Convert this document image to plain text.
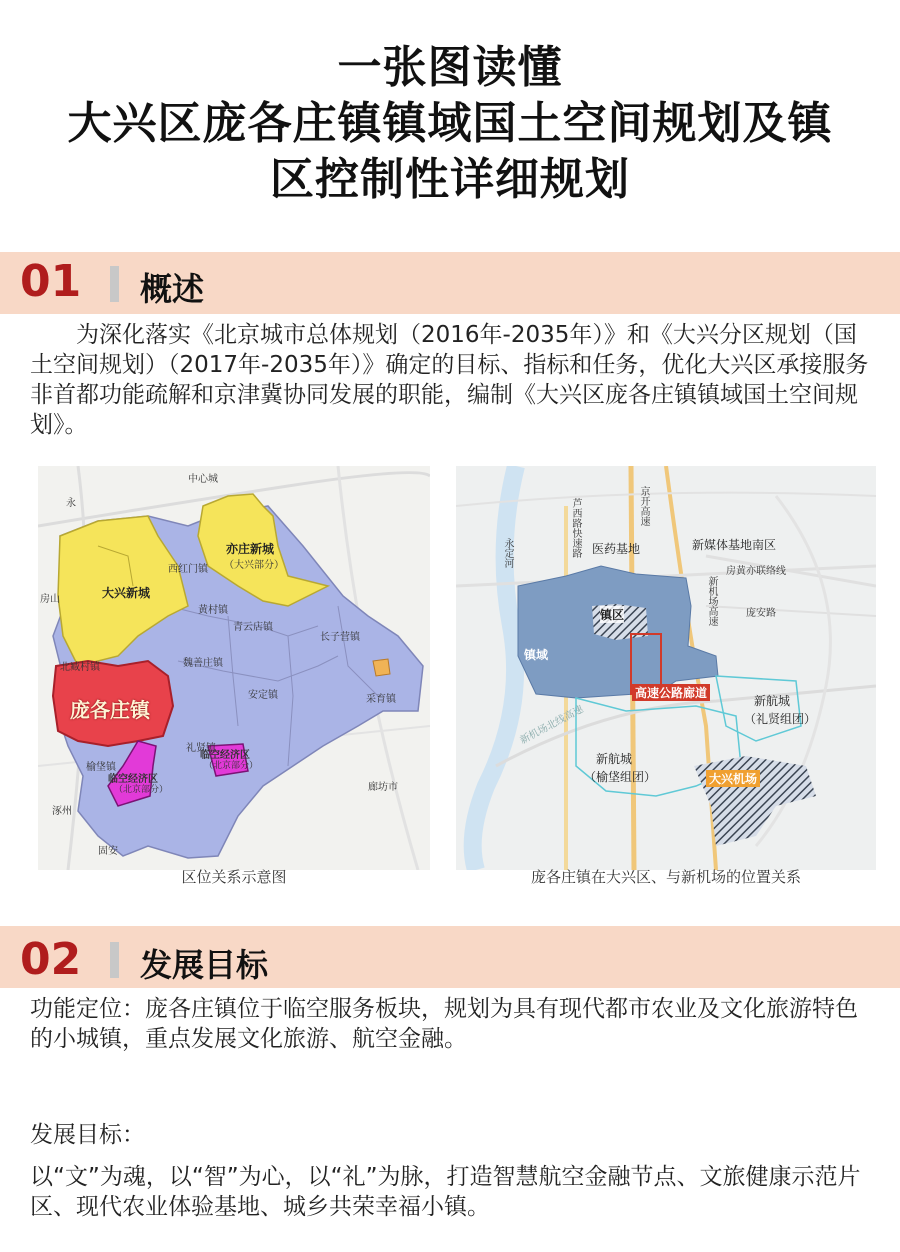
一张图读懂
大兴区庞各庄镇镇域国土空间规划及镇
区控制性详细规划
01 概述
为深化落实《北京城市总体规划（2016年-2035年）》和《大兴分区规划（国土空间规划）（2017年-2035年）》确定的目标、指标和任务，优化大兴区承接服务非首都功能疏解和京津冀协同发展的职能，编制《大兴区庞各庄镇镇域国土空间规划》。
中心城
永
大兴新城
亦庄新城
（大兴部分）
西红门镇
黄村镇
青云店镇
长子营镇
房山
北臧村镇	魏善庄镇
安定镇	采育镇
庞各庄镇
礼贤镇
临空经济区
（北京部分）
榆垡镇
临空经济区
（北京部分）
涿州
固安
廊坊市
区位关系示意图
永定河	芦西路快速路	京开高速
医药基地	新媒体基地南区
新机场高速
房黄亦联络线
庞安路
镇区
镇域
高速公路廊道
新机场北线高速
新航城
（礼贤组团）
新航城
（榆垡组团）	大兴机场
庞各庄镇在大兴区、与新机场的位置关系
02 发展目标
功能定位：庞各庄镇位于临空服务板块，规划为具有现代都市农业及文化旅游特色的小城镇，重点发展文化旅游、航空金融。
发展目标：
以“文”为魂，以“智”为心，以“礼”为脉，打造智慧航空金融节点、文旅健康示范片区、现代农业体验基地、城乡共荣幸福小镇。
